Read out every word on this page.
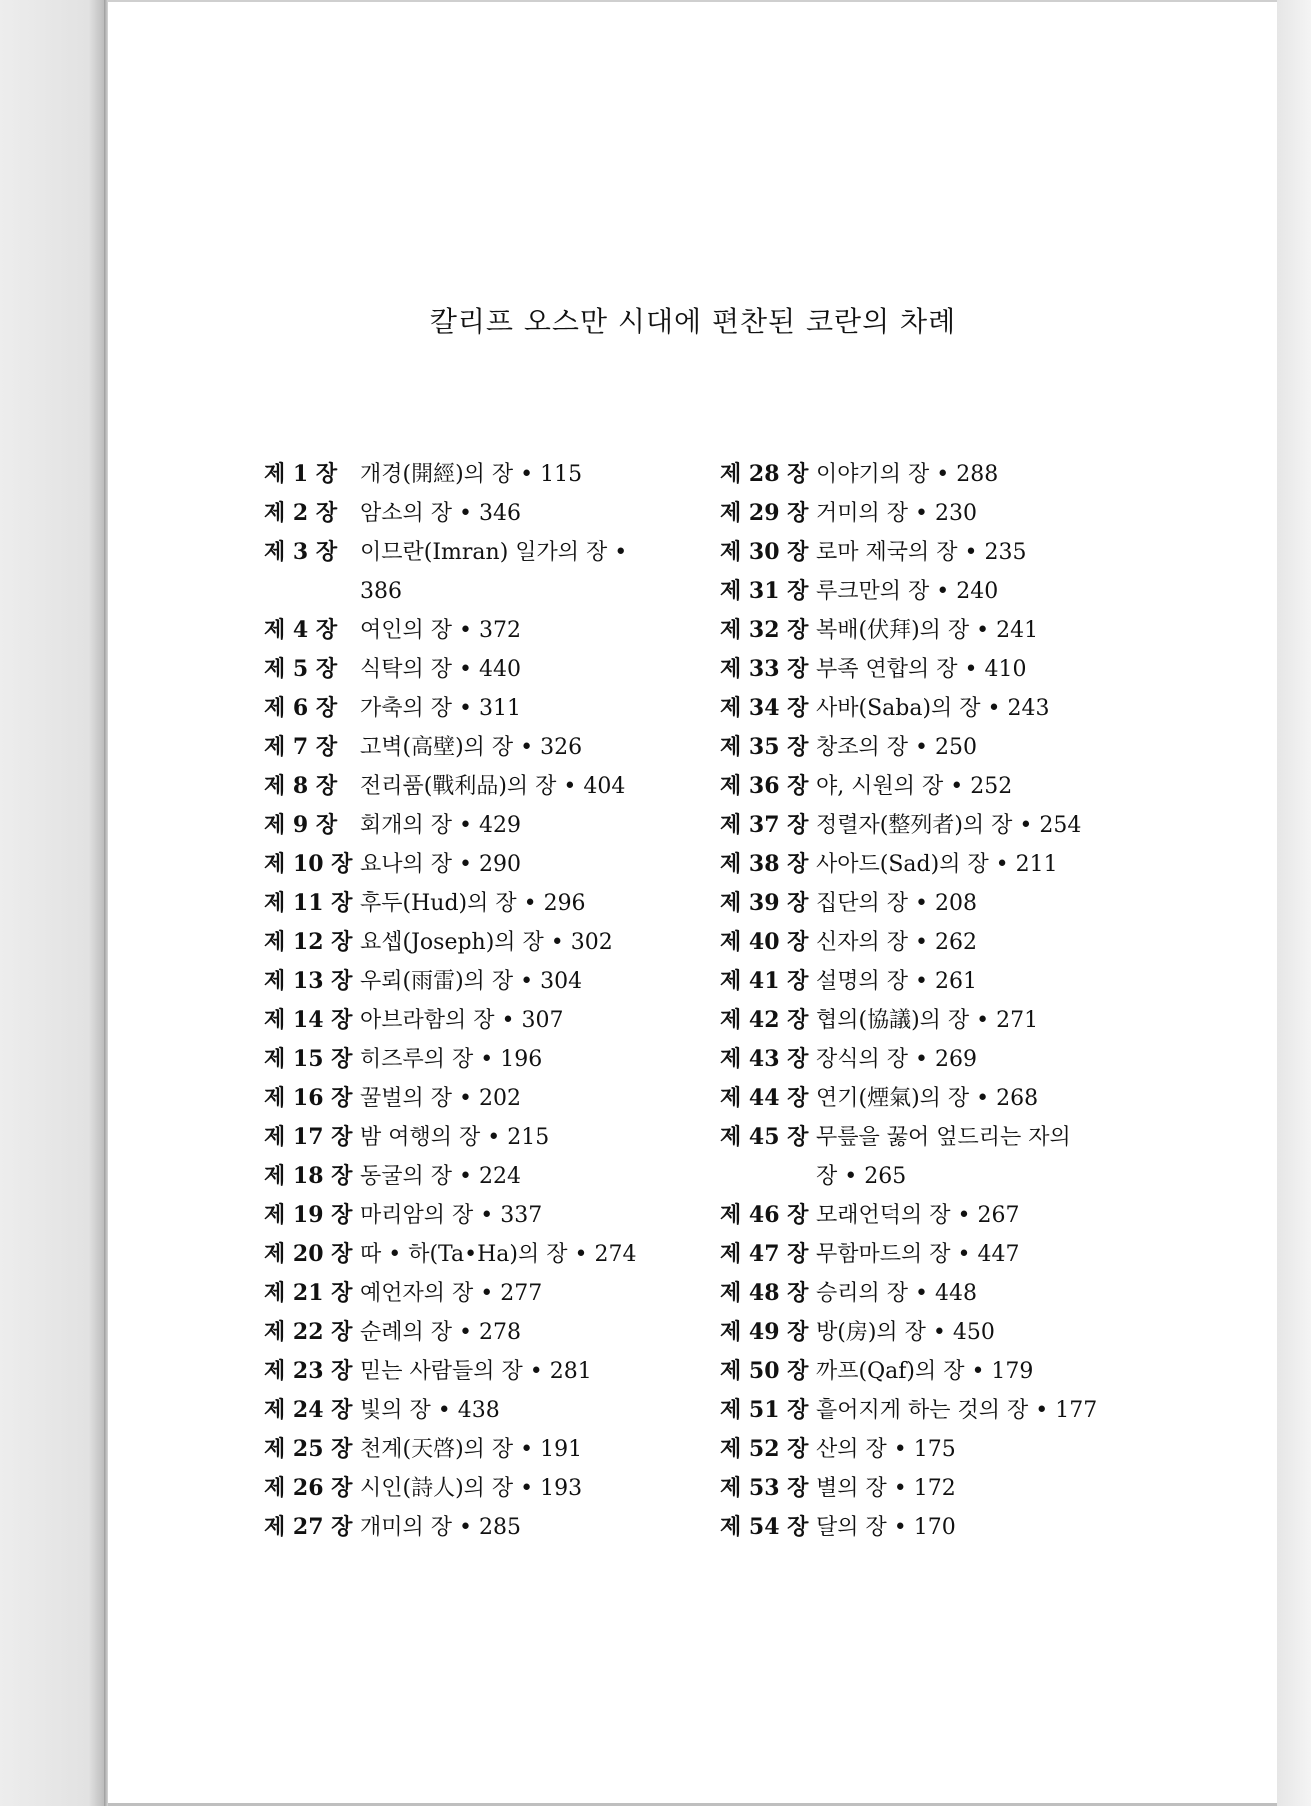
칼리프 오스만 시대에 편찬된 코란의 차례
제 1 장	개경(開經)의 장 • 115
제 2 장	암소의 장 • 346
제 3 장	이므란(Imran) 일가의 장 •
386
제 4 장	여인의 장 • 372
제 5 장	식탁의 장 • 440
제 6 장	가축의 장 • 311
제 7 장	고벽(高壁)의 장 • 326
제 8 장	전리품(戰利品)의 장 • 404
제 9 장	회개의 장 • 429
제 10 장 요나의 장 • 290
제 11 장 후두(Hud)의 장 • 296
제 12 장 요셉(Joseph)의 장 • 302
제 13 장 우뢰(雨雷)의 장 • 304
제 14 장 아브라함의 장 • 307
제 15 장 히즈루의 장 • 196
제 16 장 꿀벌의 장 • 202
제 17 장 밤 여행의 장 • 215
제 18 장 동굴의 장 • 224
제 19 장 마리암의 장 • 337
제 20 장 따 • 하(Ta•Ha)의 장 • 274
제 21 장 예언자의 장 • 277
제 22 장 순례의 장 • 278
제 23 장 믿는 사람들의 장 • 281
제 24 장 빛의 장 • 438
제 25 장 천계(天啓)의 장 • 191
제 26 장 시인(詩人)의 장 • 193
제 27 장 개미의 장 • 285
제 28 장 이야기의 장 • 288
제 29 장 거미의 장 • 230
제 30 장 로마 제국의 장 • 235
제 31 장 루크만의 장 • 240
제 32 장 복배(伏拜)의 장 • 241
제 33 장 부족 연합의 장 • 410
제 34 장 사바(Saba)의 장 • 243
제 35 장 창조의 장 • 250
제 36 장 야, 시원의 장 • 252
제 37 장 정렬자(整列者)의 장 • 254
제 38 장 사아드(Sad)의 장 • 211
제 39 장 집단의 장 • 208
제 40 장 신자의 장 • 262
제 41 장 설명의 장 • 261
제 42 장 협의(協議)의 장 • 271
제 43 장 장식의 장 • 269
제 44 장 연기(煙氣)의 장 • 268
제 45 장 무릎을 꿇어 엎드리는 자의
장 • 265
제 46 장 모래언덕의 장 • 267
제 47 장 무함마드의 장 • 447
제 48 장 승리의 장 • 448
제 49 장 방(房)의 장 • 450
제 50 장 까프(Qaf)의 장 • 179
제 51 장 흩어지게 하는 것의 장 • 177
제 52 장 산의 장 • 175
제 53 장 별의 장 • 172
제 54 장 달의 장 • 170
